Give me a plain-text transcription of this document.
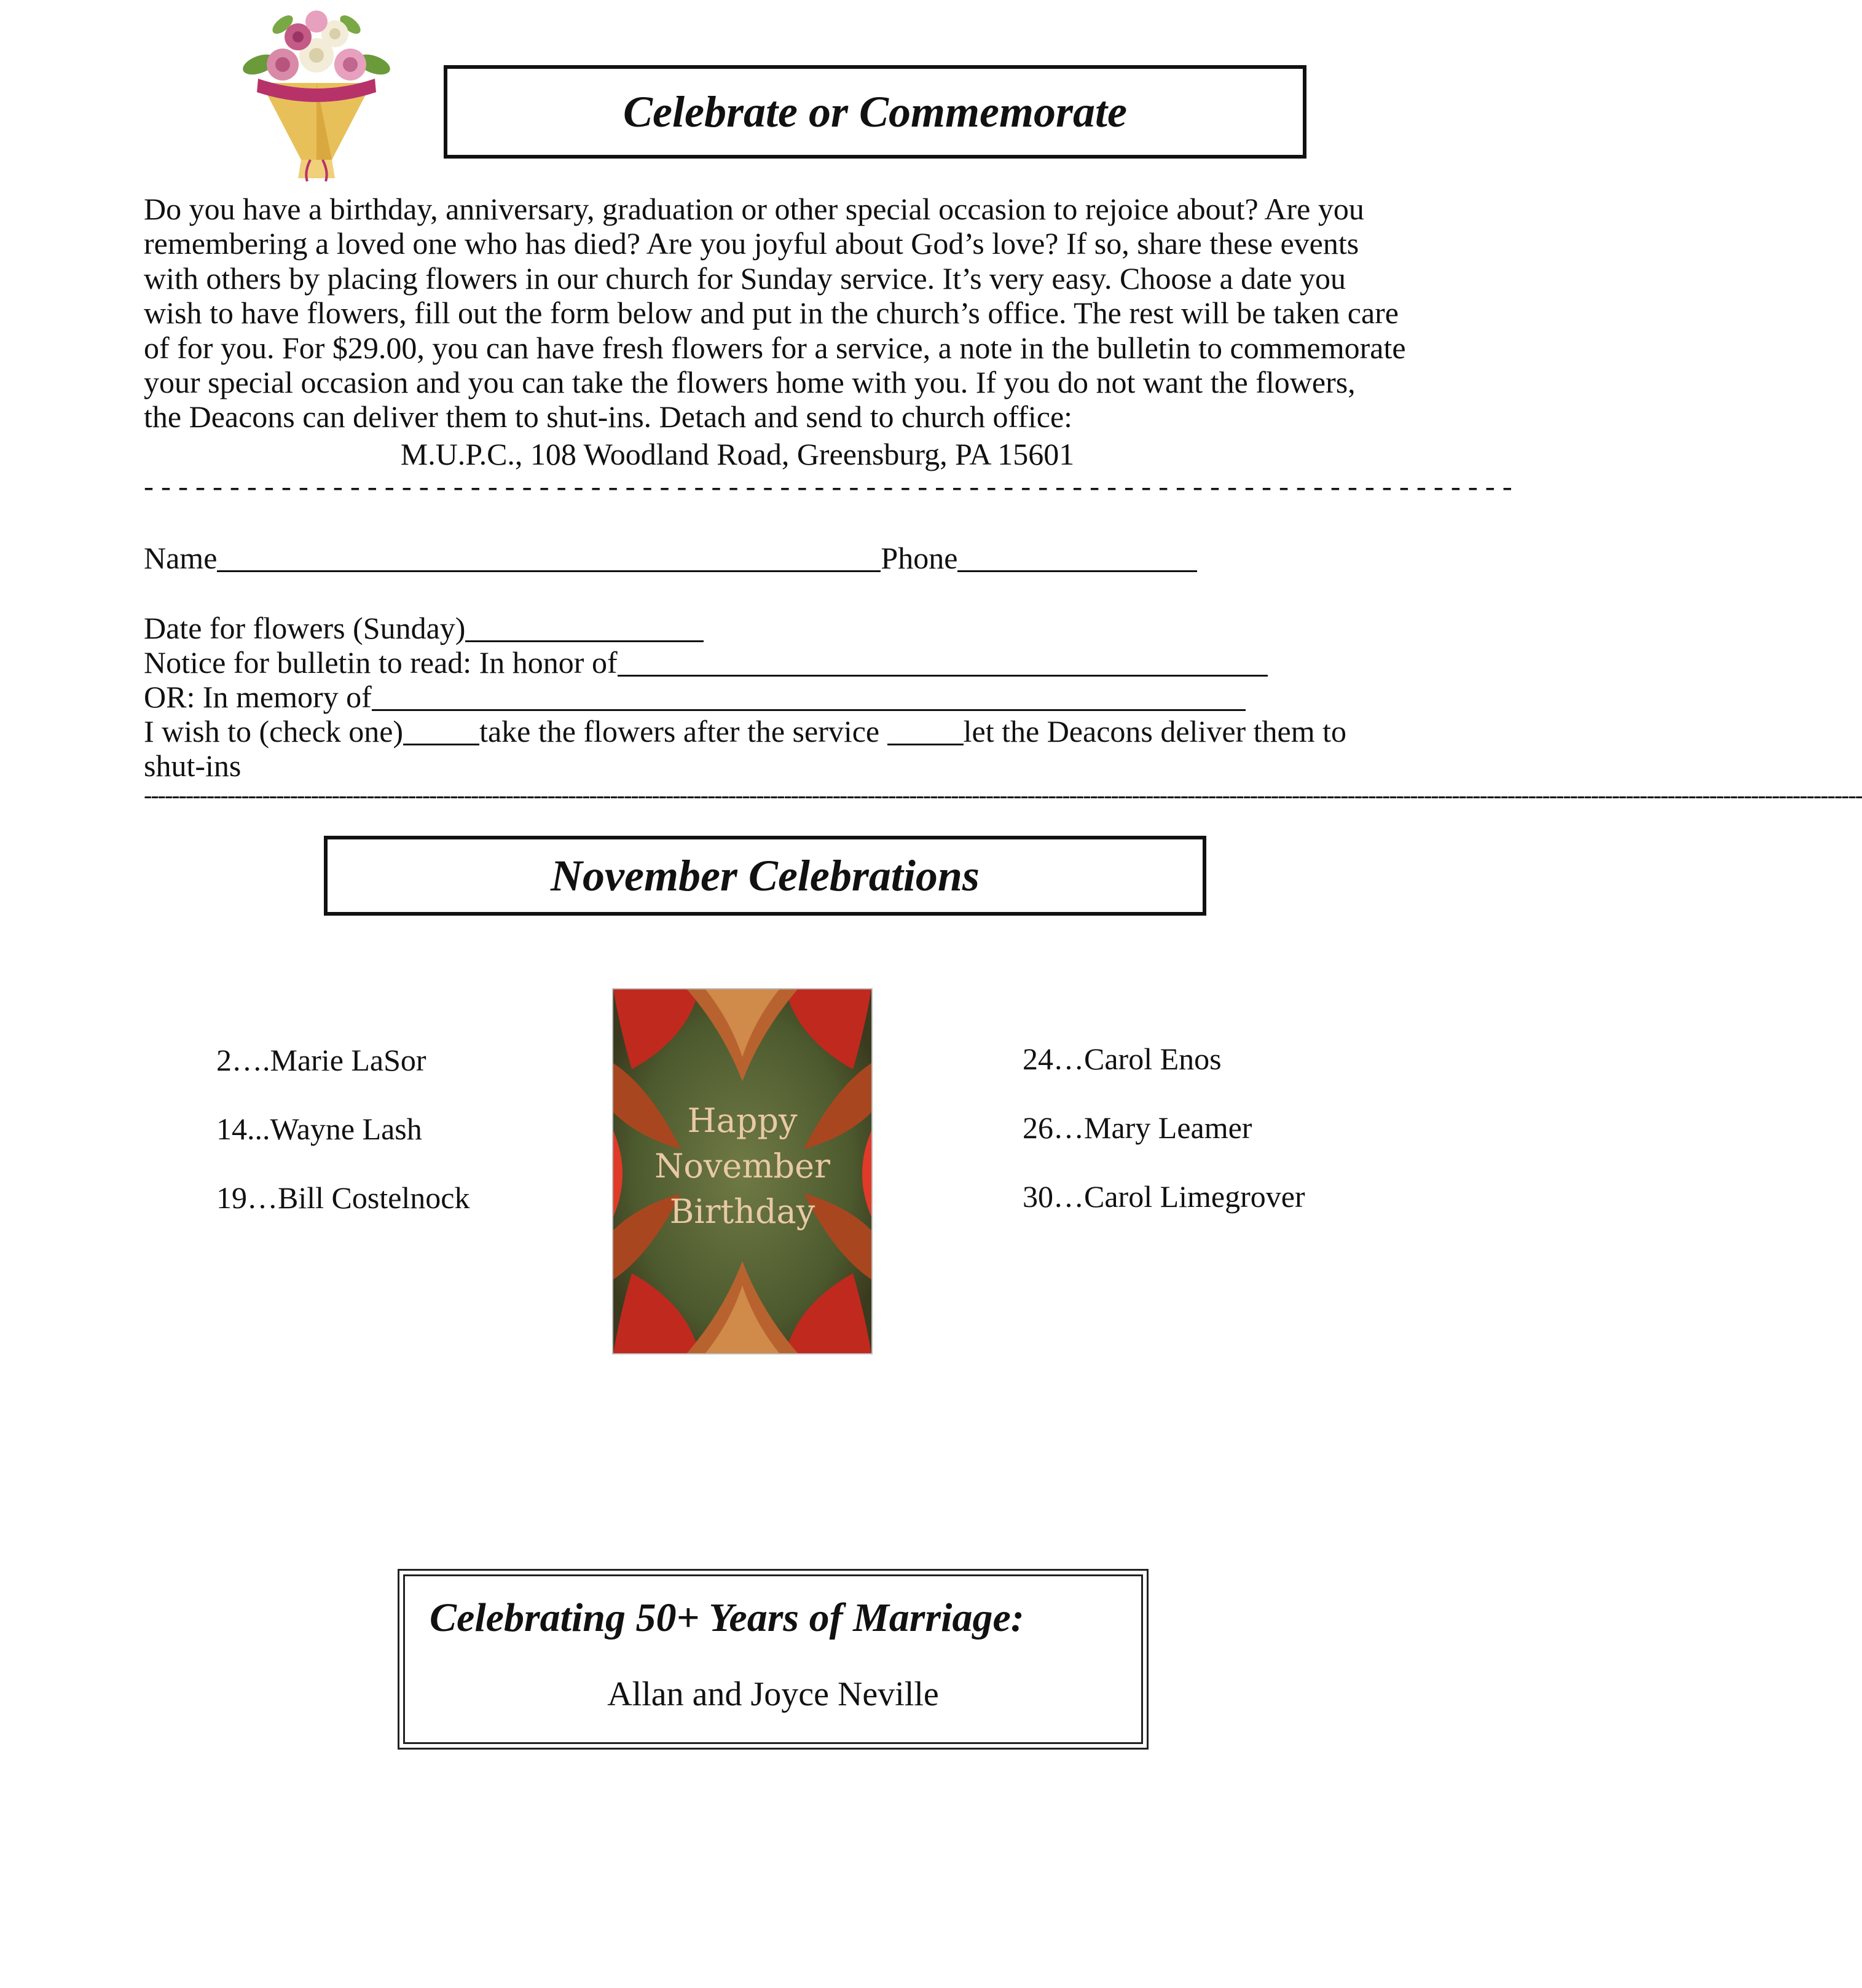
Celebrate or Commemorate
Do you have a birthday, anniversary, graduation or other special occasion to rejoice about? Are you
remembering a loved one who has died? Are you joyful about God’s love? If so, share these events
with others by placing flowers in our church for Sunday service. It’s very easy. Choose a date you
wish to have flowers, fill out the form below and put in the church’s office. The rest will be taken care
of for you. For $29.00, you can have fresh flowers for a service, a note in the bulletin to commemorate
your special occasion and you can take the flowers home with you. If you do not want the flowers,
the Deacons can deliver them to shut-ins. Detach and send to church office:
M.U.P.C., 108 Woodland Road, Greensburg, PA 15601
- - - - - - - - - - - - - - - - - - - - - - - - - - - - - - - - - - - - - - - - - - - - - - - - - - - - - - - - - - - - - - - - - - - - - - - - - - - - - - - -
Name	Phone
Date for flowers (Sunday)
Notice for bulletin to read: In honor of
OR: In memory of
I wish to (check one) take the flowers after the service	let the Deacons deliver them to
shut-ins
-------------------------------------------------------------------------------------------------------------------------------------------------------------------------------------------------------------------------------------------------------
November Celebrations
2….Marie LaSor
14...Wayne Lash
19…Bill Costelnock
24…Carol Enos
26…Mary Leamer
30…Carol Limegrover
Happy
November
Birthday
Celebrating 50+ Years of Marriage:
Allan and Joyce Neville
